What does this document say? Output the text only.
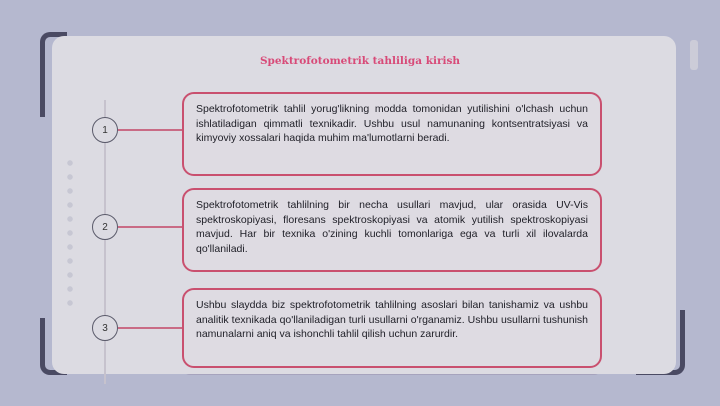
Spektrofotometrik tahliliga kirish
1
2
3

Spektrofotometrik tahlil yorug'likning modda tomonidan yutilishini o'lchash uchun ishlatiladigan qimmatli texnikadir. Ushbu usul namunaning kontsentratsiyasi va kimyoviy xossalari haqida muhim ma'lumotlarni beradi.

Spektrofotometrik tahlilning bir necha usullari mavjud, ular orasida UV-Vis spektroskopiyasi, floresans spektroskopiyasi va atomik yutilish spektroskopiyasi mavjud. Har bir texnika o'zining kuchli tomonlariga ega va turli xil ilovalarda qo'llaniladi.

Ushbu slaydda biz spektrofotometrik tahlilning asoslari bilan tanishamiz va ushbu analitik texnikada qo'llaniladigan turli usullarni o'rganamiz. Ushbu usullarni tushunish namunalarni aniq va ishonchli tahlil qilish uchun zarurdir.
